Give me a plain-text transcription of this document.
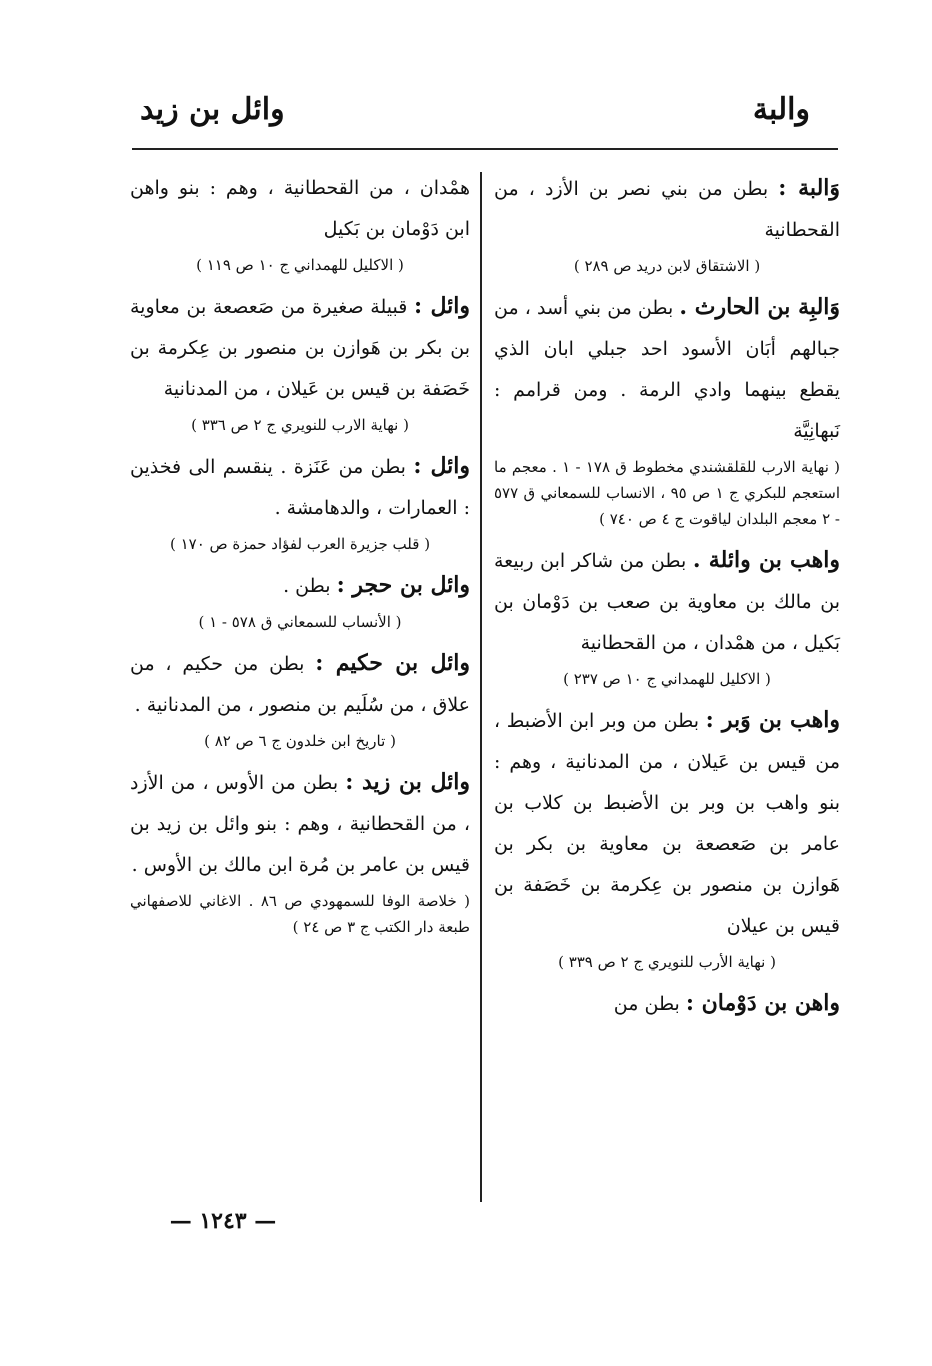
والبة
وائل بن زيد
وَالبة : بطن من بني نصر بن الأزد ، من القحطانية
( الاشتقاق لابن دريد ص ٢٨٩ )
وَالبِة بن الحارث . بطن من بني أسد ، من جبالهم أبَان الأسود احد جبلي ابان الذي يقطع بينهما وادي الرمة . ومن قرامم : نَبهانِيَّة
( نهاية الارب للقلقشندي مخطوط ق ١٧٨ - ١ . معجم ما استعجم للبكري ج ١ ص ٩٥ ، الانساب للسمعاني ق ٥٧٧ - ٢ معجم البلدان لياقوت ج ٤ ص ٧٤٠ )
واهب بن وائلة . بطن من شاكر ابن ربيعة بن مالك بن معاوية بن صعب بن دَوْمان بن بَكيل ، من همْدان ، من القحطانية
( الاكليل للهمداني ج ١٠ ص ٢٣٧ )
واهب بن وَبر : بطن من وبر ابن الأضبط ، من قيس بن عَيلان ، من المدنانية ، وهم : بنو واهب بن وبر بن الأضبط بن كلاب بن عامر بن صَعصعة بن معاوية بن بكر بن هَوازن بن منصور بن عِكرمة بن خَصَفة بن قيس بن عيلان
( نهاية الأرب للنويري ج ٢ ص ٣٣٩ )
واهن بن دَوْمان : بطن من
همْدان ، من القحطانية ، وهم : بنو واهن ابن دَوْمان بن بَكيل
( الاكليل للهمداني ج ١٠ ص ١١٩ )
وائل : قبيلة صغيرة من صَعصعة بن معاوية بن بكر بن هَوازن بن منصور بن عِكرمة بن خَصَفة بن قيس بن عَيلان ، من المدنانية
( نهاية الارب للنويري ج ٢ ص ٣٣٦ )
وائل : بطن من عَنَزة . ينقسم الى فخذين : العمارات ، والدهامشة .
( قلب جزيرة العرب لفؤاد حمزة ص ١٧٠ )
وائل بن حجر : بطن .
( الأنساب للسمعاني ق ٥٧٨ - ١ )
وائل بن حكيم : بطن من حكيم ، من علاق ، من سُلَيم بن منصور ، من المدنانية .
( تاريخ ابن خلدون ج ٦ ص ٨٢ )
وائل بن زيد : بطن من الأوس ، من الأزد ، من القحطانية ، وهم : بنو وائل بن زيد بن قيس بن عامر بن مُرة ابن مالك بن الأوس .
( خلاصة الوفا للسمهودي ص ٨٦ . الاغاني للاصفهاني طبعة دار الكتب ج ٣ ص ٢٤ )
— ١٢٤٣ —
